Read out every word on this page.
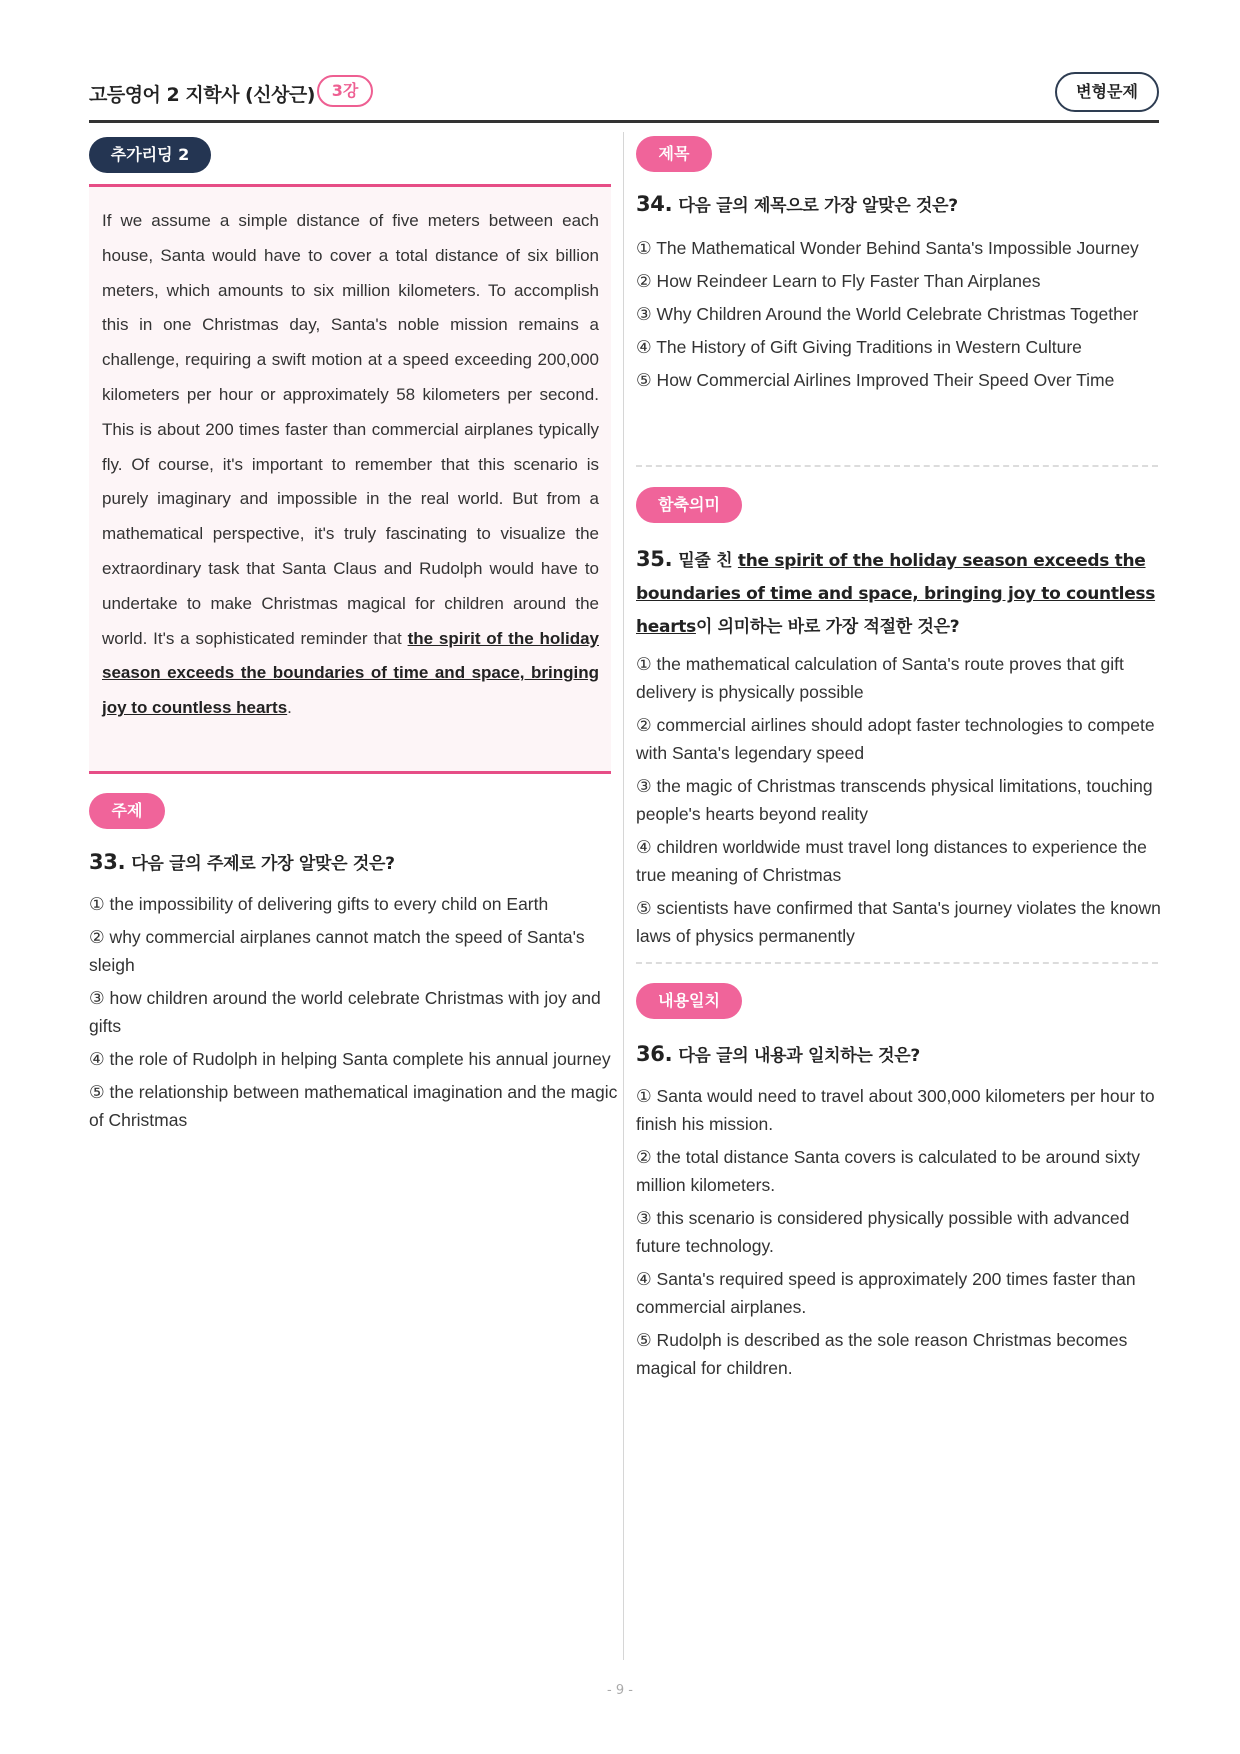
고등영어 2 지학사 (신상근)	3강	변형문제
추가리딩 2
If we assume a simple distance of five meters between each house, Santa would have to cover a total distance of six billion meters, which amounts to six million kilometers. To accomplish this in one Christmas day, Santa's noble mission remains a challenge, requiring a swift motion at a speed exceeding 200,000 kilometers per hour or approximately 58 kilometers per second. This is about 200 times faster than commercial airplanes typically fly. Of course, it's important to remember that this scenario is purely imaginary and impossible in the real world. But from a mathematical perspective, it's truly fascinating to visualize the extraordinary task that Santa Claus and Rudolph would have to undertake to make Christmas magical for children around the world. It's a sophisticated reminder that the spirit of the holiday season exceeds the boundaries of time and space, bringing joy to countless hearts.
주제
33. 다음 글의 주제로 가장 알맞은 것은?
① the impossibility of delivering gifts to every child on Earth
② why commercial airplanes cannot match the speed of Santa's sleigh
③ how children around the world celebrate Christmas with joy and gifts
④ the role of Rudolph in helping Santa complete his annual journey
⑤ the relationship between mathematical imagination and the magic of Christmas
제목
34. 다음 글의 제목으로 가장 알맞은 것은?
① The Mathematical Wonder Behind Santa's Impossible Journey
② How Reindeer Learn to Fly Faster Than Airplanes
③ Why Children Around the World Celebrate Christmas Together
④ The History of Gift Giving Traditions in Western Culture
⑤ How Commercial Airlines Improved Their Speed Over Time
함축의미
35. 밑줄 친 the spirit of the holiday season exceeds the boundaries of time and space, bringing joy to countless hearts이 의미하는 바로 가장 적절한 것은?
① the mathematical calculation of Santa's route proves that gift delivery is physically possible
② commercial airlines should adopt faster technologies to compete with Santa's legendary speed
③ the magic of Christmas transcends physical limitations, touching people's hearts beyond reality
④ children worldwide must travel long distances to experience the true meaning of Christmas
⑤ scientists have confirmed that Santa's journey violates the known laws of physics permanently
내용일치
36. 다음 글의 내용과 일치하는 것은?
① Santa would need to travel about 300,000 kilometers per hour to finish his mission.
② the total distance Santa covers is calculated to be around sixty million kilometers.
③ this scenario is considered physically possible with advanced future technology.
④ Santa's required speed is approximately 200 times faster than commercial airplanes.
⑤ Rudolph is described as the sole reason Christmas becomes magical for children.
- 9 -
